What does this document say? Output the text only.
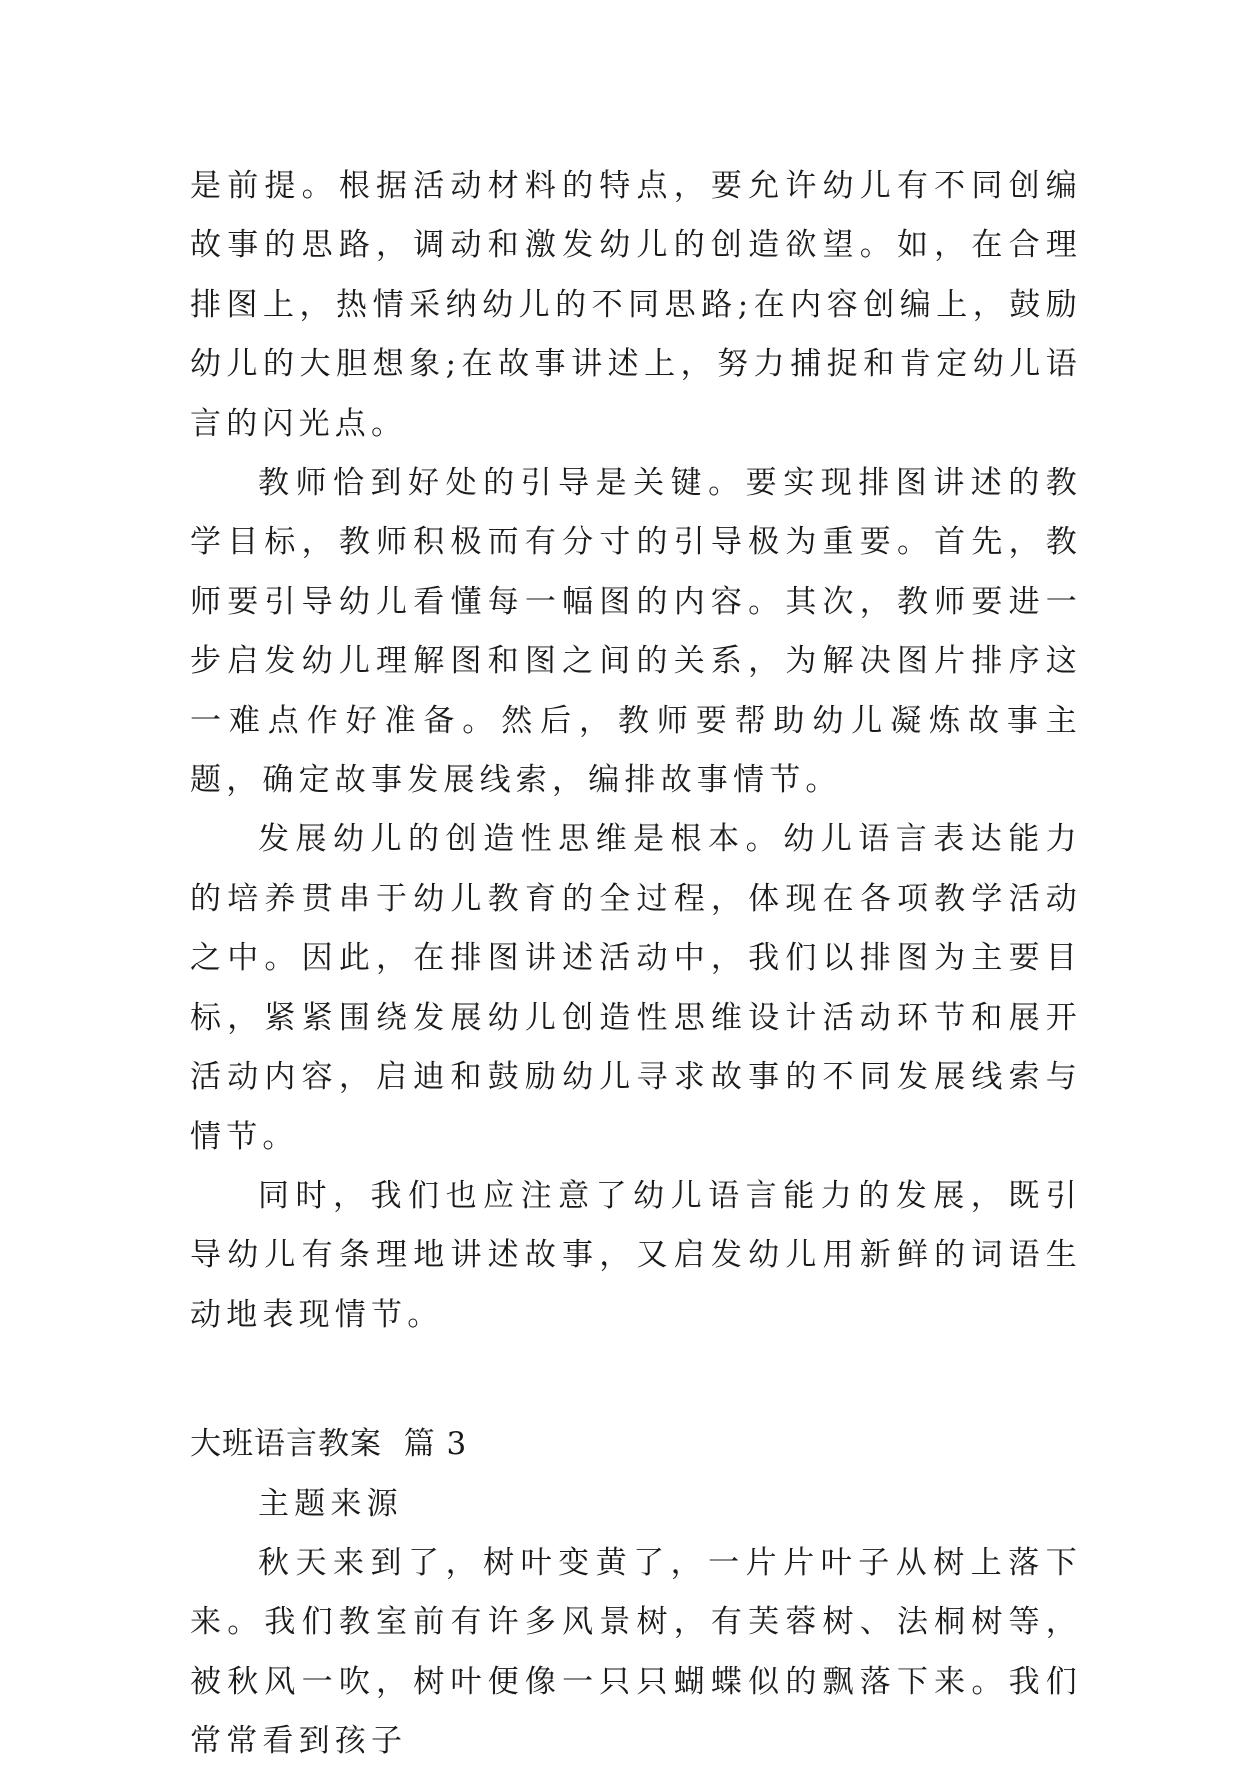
是前提。根据活动材料的特点，要允许幼儿有不同创编故事的思路，调动和激发幼儿的创造欲望。如，在合理排图上，热情采纳幼儿的不同思路;在内容创编上，鼓励幼儿的大胆想象;在故事讲述上，努力捕捉和肯定幼儿语言的闪光点。

教师恰到好处的引导是关键。要实现排图讲述的教学目标，教师积极而有分寸的引导极为重要。首先，教师要引导幼儿看懂每一幅图的内容。其次，教师要进一步启发幼儿理解图和图之间的关系，为解决图片排序这一难点作好准备。然后，教师要帮助幼儿凝炼故事主题，确定故事发展线索，编排故事情节。

发展幼儿的创造性思维是根本。幼儿语言表达能力的培养贯串于幼儿教育的全过程，体现在各项教学活动之中。因此，在排图讲述活动中，我们以排图为主要目标，紧紧围绕发展幼儿创造性思维设计活动环节和展开活动内容，启迪和鼓励幼儿寻求故事的不同发展线索与情节。

同时，我们也应注意了幼儿语言能力的发展，既引导幼儿有条理地讲述故事，又启发幼儿用新鲜的词语生动地表现情节。

大班语言教案  篇 3

主题来源

秋天来到了，树叶变黄了，一片片叶子从树上落下来。我们教室前有许多风景树，有芙蓉树、法桐树等，被秋风一吹，树叶便像一只只蝴蝶似的飘落下来。我们常常看到孩子
